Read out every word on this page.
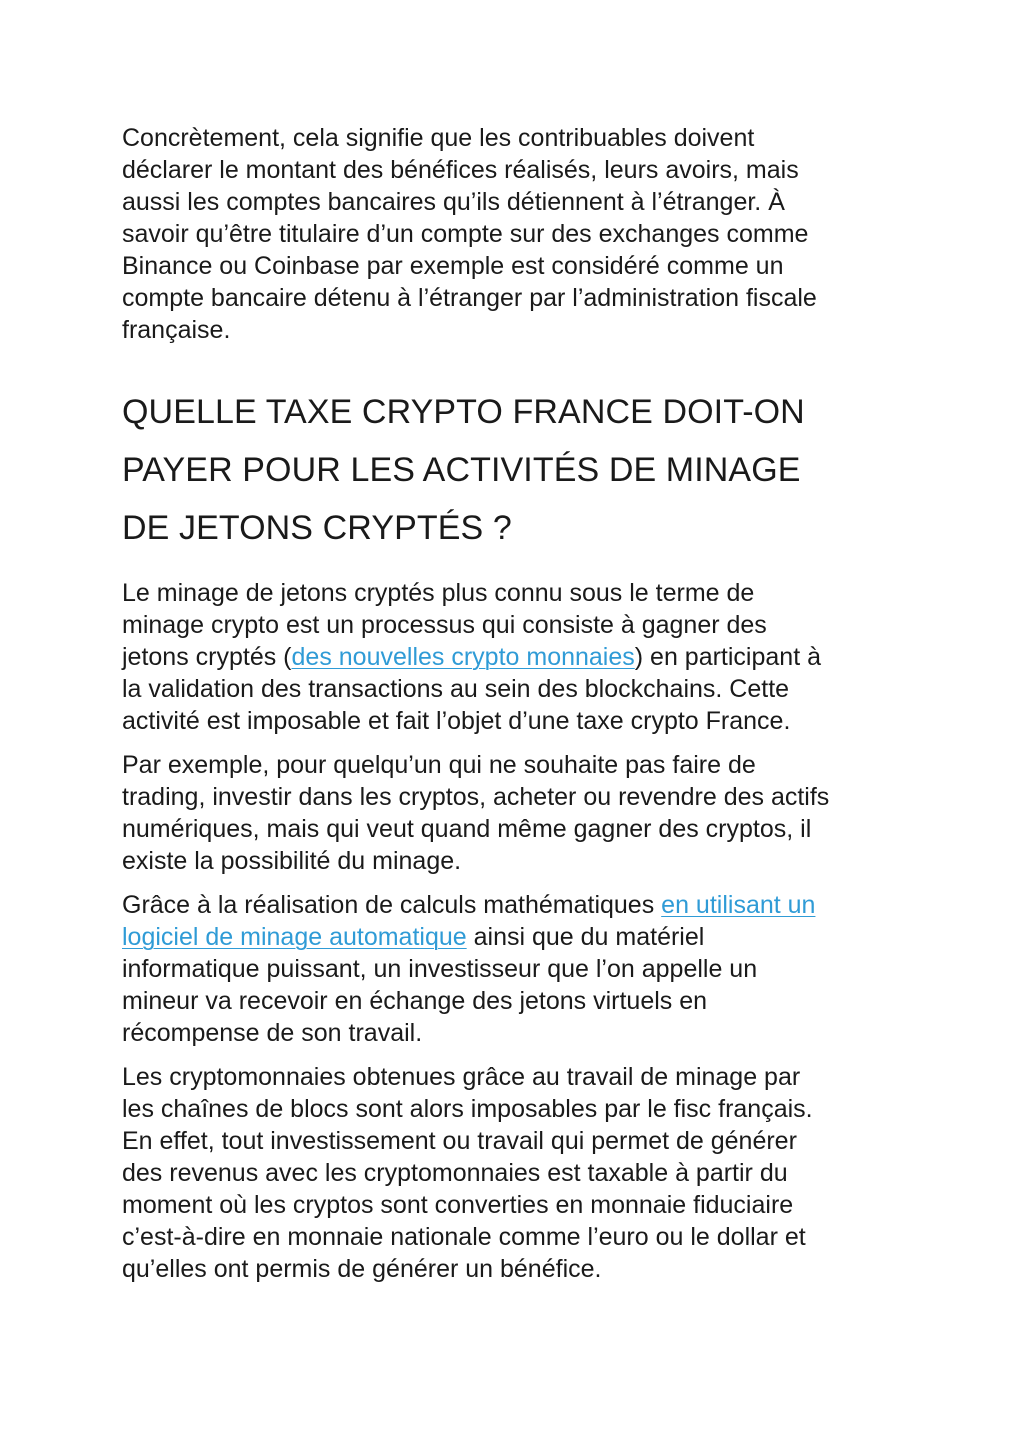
Concrètement, cela signifie que les contribuables doivent
déclarer le montant des bénéfices réalisés, leurs avoirs, mais
aussi les comptes bancaires qu’ils détiennent à l’étranger. À
savoir qu’être titulaire d’un compte sur des exchanges comme
Binance ou Coinbase par exemple est considéré comme un
compte bancaire détenu à l’étranger par l’administration fiscale
française.

QUELLE TAXE CRYPTO FRANCE DOIT-ON
PAYER POUR LES ACTIVITÉS DE MINAGE
DE JETONS CRYPTÉS ?

Le minage de jetons cryptés plus connu sous le terme de
minage crypto est un processus qui consiste à gagner des
jetons cryptés (des nouvelles crypto monnaies) en participant à
la validation des transactions au sein des blockchains. Cette
activité est imposable et fait l’objet d’une taxe crypto France.

Par exemple, pour quelqu’un qui ne souhaite pas faire de
trading, investir dans les cryptos, acheter ou revendre des actifs
numériques, mais qui veut quand même gagner des cryptos, il
existe la possibilité du minage.

Grâce à la réalisation de calculs mathématiques en utilisant un
logiciel de minage automatique ainsi que du matériel
informatique puissant, un investisseur que l’on appelle un
mineur va recevoir en échange des jetons virtuels en
récompense de son travail.

Les cryptomonnaies obtenues grâce au travail de minage par
les chaînes de blocs sont alors imposables par le fisc français.
En effet, tout investissement ou travail qui permet de générer
des revenus avec les cryptomonnaies est taxable à partir du
moment où les cryptos sont converties en monnaie fiduciaire
c’est-à-dire en monnaie nationale comme l’euro ou le dollar et
qu’elles ont permis de générer un bénéfice.
